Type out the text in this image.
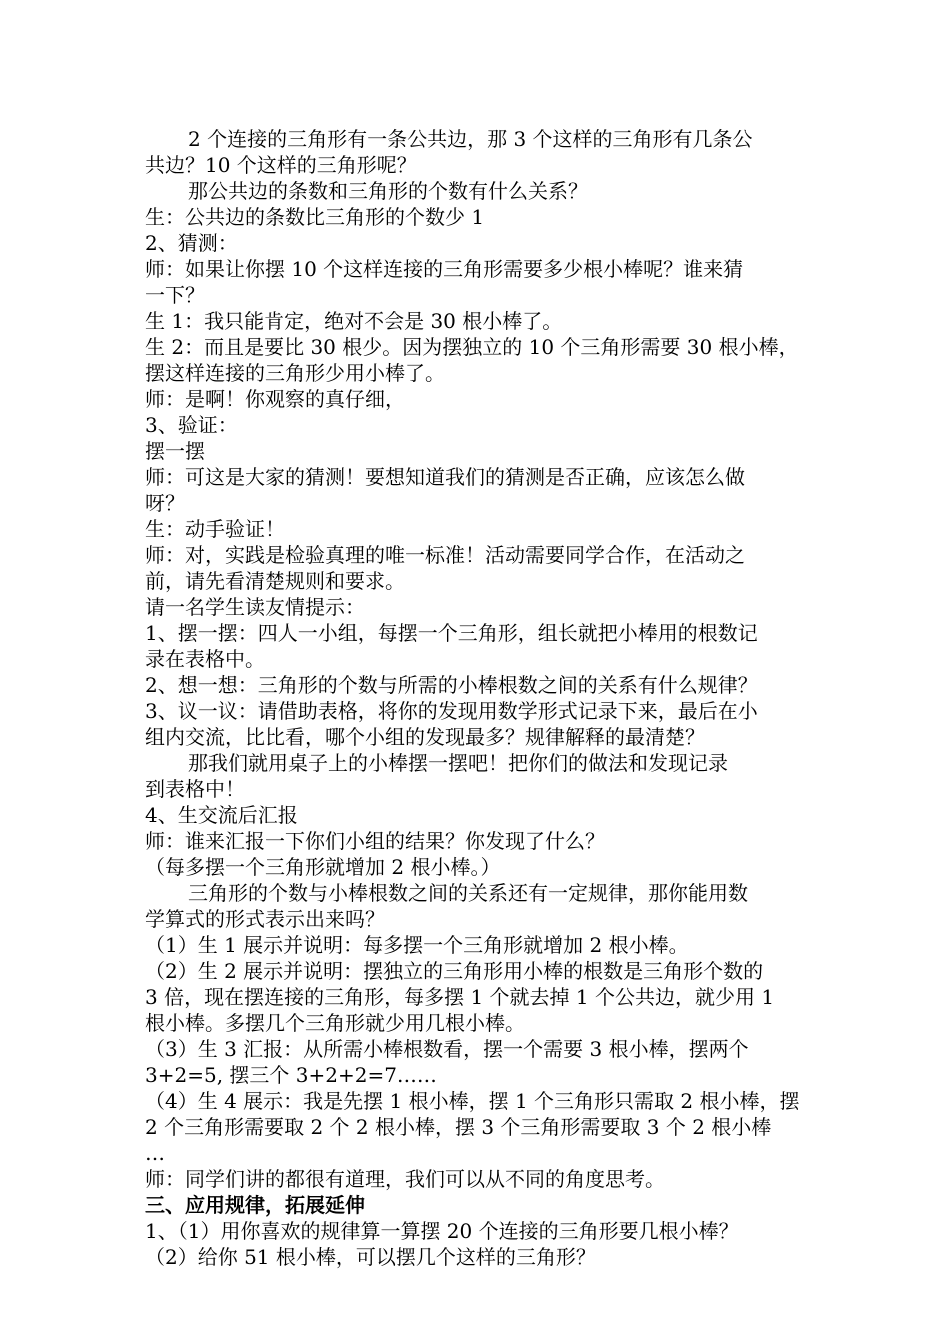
2 个连接的三角形有一条公共边，那 3 个这样的三角形有几条公

共边？10 个这样的三角形呢？

那公共边的条数和三角形的个数有什么关系？

生：公共边的条数比三角形的个数少 1

2、猜测：

师：如果让你摆 10 个这样连接的三角形需要多少根小棒呢？谁来猜

一下？

生 1：我只能肯定，绝对不会是 30 根小棒了。

生 2：而且是要比 30 根少。因为摆独立的 10 个三角形需要 30 根小棒，

摆这样连接的三角形少用小棒了。

师：是啊！你观察的真仔细，

3、验证：

摆一摆

师：可这是大家的猜测！要想知道我们的猜测是否正确，应该怎么做

呀？

生：动手验证！

师：对，实践是检验真理的唯一标准！活动需要同学合作，在活动之

前，请先看清楚规则和要求。

请一名学生读友情提示：

1、摆一摆：四人一小组，每摆一个三角形，组长就把小棒用的根数记

录在表格中。

2、想一想：三角形的个数与所需的小棒根数之间的关系有什么规律？

3、议一议：请借助表格，将你的发现用数学形式记录下来，最后在小

组内交流，比比看，哪个小组的发现最多？规律解释的最清楚？

那我们就用桌子上的小棒摆一摆吧！把你们的做法和发现记录

到表格中！

4、生交流后汇报

师：谁来汇报一下你们小组的结果？你发现了什么？

（每多摆一个三角形就增加 2 根小棒。）

三角形的个数与小棒根数之间的关系还有一定规律，那你能用数

学算式的形式表示出来吗？

（1）生 1 展示并说明：每多摆一个三角形就增加 2 根小棒。

（2）生 2 展示并说明：摆独立的三角形用小棒的根数是三角形个数的

3 倍，现在摆连接的三角形，每多摆 1 个就去掉 1 个公共边，就少用 1

根小棒。多摆几个三角形就少用几根小棒。

（3）生 3 汇报：从所需小棒根数看，摆一个需要 3 根小棒，摆两个

3+2=5, 摆三个 3+2+2=7……

（4）生 4 展示：我是先摆 1 根小棒，摆 1 个三角形只需取 2 根小棒，摆

2 个三角形需要取 2 个 2 根小棒，摆 3 个三角形需要取 3 个 2 根小棒

…

师：同学们讲的都很有道理，我们可以从不同的角度思考。

三、应用规律，拓展延伸

1、（1）用你喜欢的规律算一算摆 20 个连接的三角形要几根小棒？

（2）给你 51 根小棒，可以摆几个这样的三角形？
